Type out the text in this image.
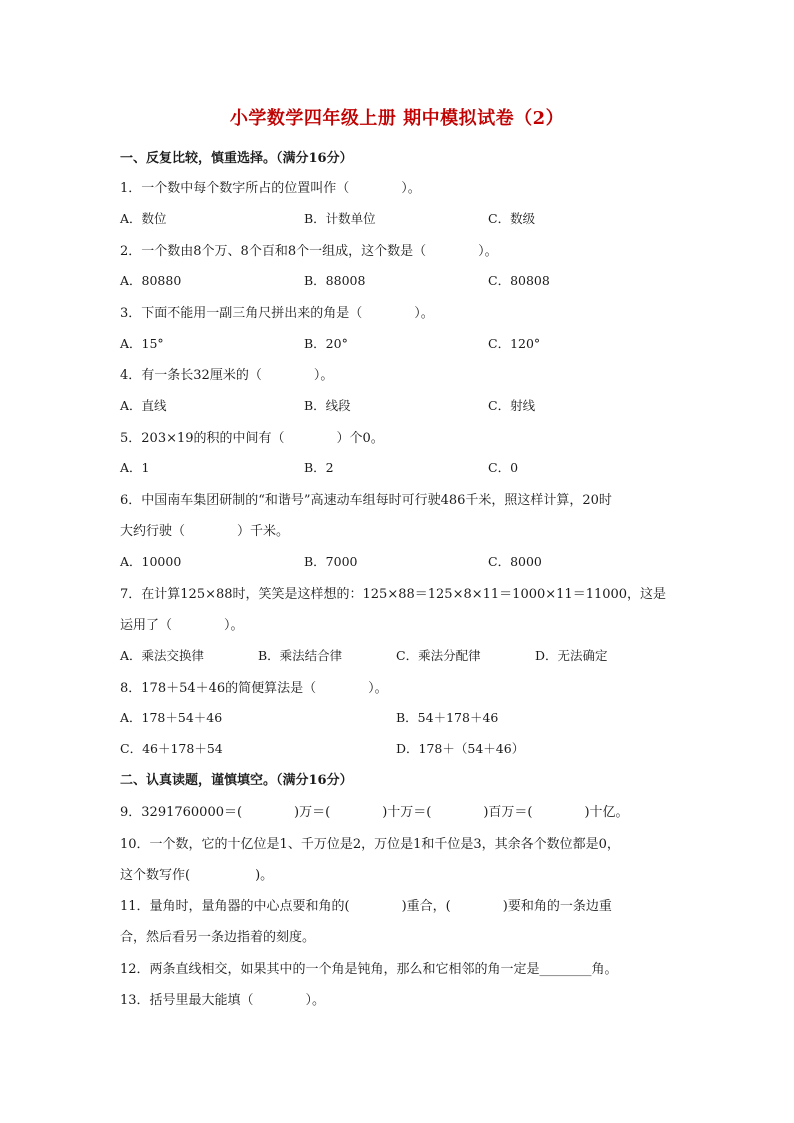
小学数学四年级上册 期中模拟试卷（2）
一、反复比较，慎重选择。（满分16分）
1．一个数中每个数字所占的位置叫作（　　　　）。
A．数位	B．计数单位	C．数级
2．一个数由8个万、8个百和8个一组成，这个数是（　　　　）。
A．80880	B．88008	C．80808
3．下面不能用一副三角尺拼出来的角是（　　　　）。
A．15°	B．20°	C．120°
4．有一条长32厘米的（　　　　）。
A．直线	B．线段	C．射线
5．203×19的积的中间有（　　　　）个0。
A．1	B．2	C．0
6．中国南车集团研制的“和谐号”高速动车组每时可行驶486千米，照这样计算，20时
大约行驶（　　　　）千米。
A．10000	B．7000	C．8000
7．在计算125×88时，笑笑是这样想的：125×88＝125×8×11＝1000×11＝11000，这是
运用了（　　　　）。
A．乘法交换律	B．乘法结合律	C．乘法分配律	D．无法确定
8．178＋54＋46的简便算法是（　　　　）。
A．178＋54＋46	B．54＋178＋46
C．46＋178＋54	D．178＋（54＋46）
二、认真读题，谨慎填空。（满分16分）
9．3291760000＝(　　　　)万＝(　　　　)十万＝(　　　　)百万＝(　　　　)十亿。
10．一个数，它的十亿位是1、千万位是2，万位是1和千位是3，其余各个数位都是0，
这个数写作(　　　　　)。
11．量角时，量角器的中心点要和角的(　　　　)重合，(　　　　)要和角的一条边重
合，然后看另一条边指着的刻度。
12．两条直线相交，如果其中的一个角是钝角，那么和它相邻的角一定是________角。
13．括号里最大能填（　　　　）。
